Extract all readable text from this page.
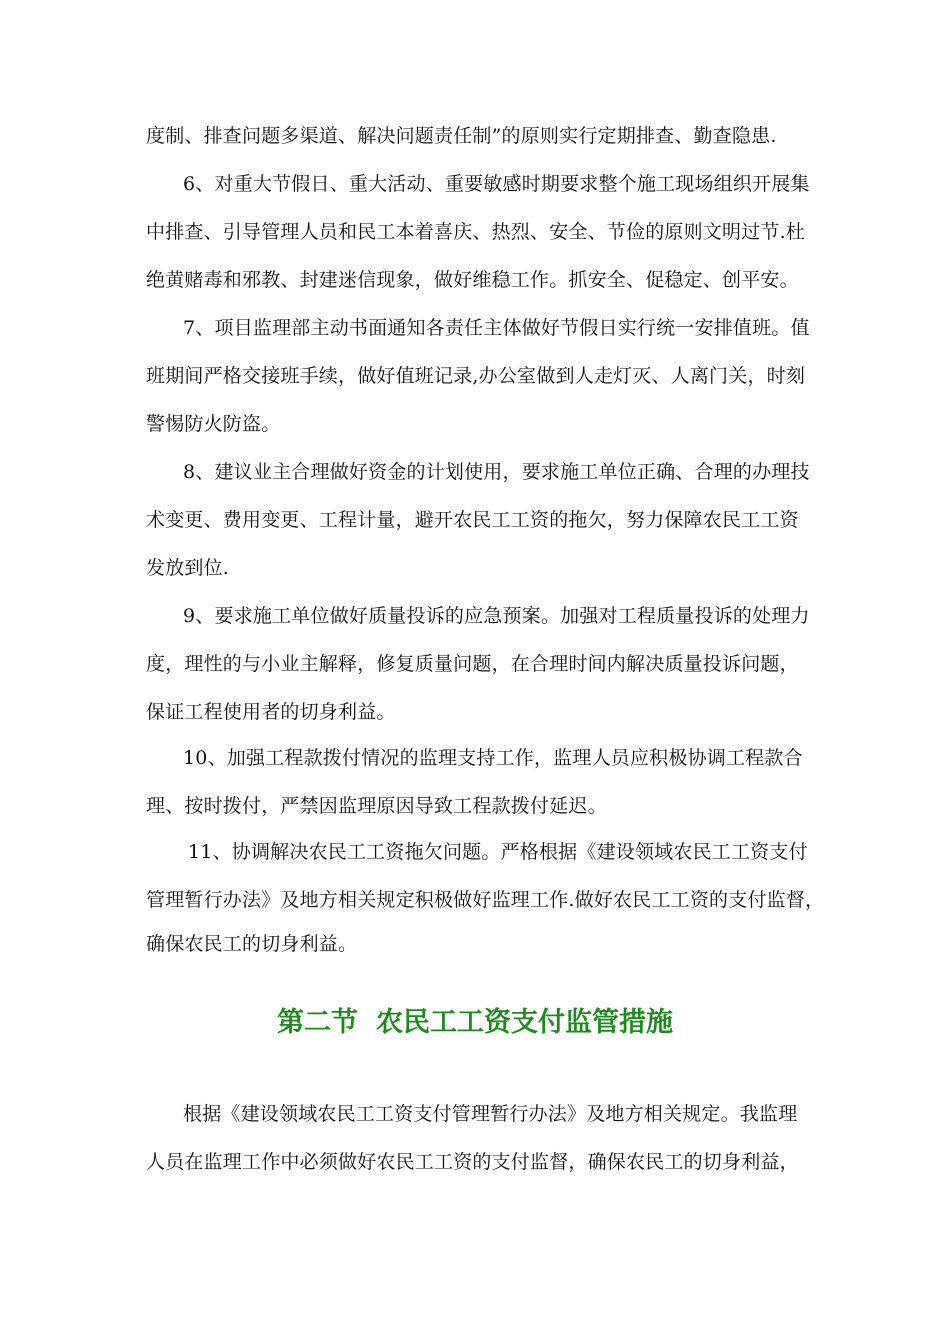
度制、排查问题多渠道、解决问题责任制”的原则实行定期排查、勤查隐患.
6、对重大节假日、重大活动、重要敏感时期要求整个施工现场组织开展集
中排查、引导管理人员和民工本着喜庆、热烈、安全、节俭的原则文明过节.杜
绝黄赌毒和邪教、封建迷信现象，做好维稳工作。抓安全、促稳定、创平安。
7、项目监理部主动书面通知各责任主体做好节假日实行统一安排值班。值
班期间严格交接班手续，做好值班记录,办公室做到人走灯灭、人离门关，时刻
警惕防火防盗。
8、建议业主合理做好资金的计划使用，要求施工单位正确、合理的办理技
术变更、费用变更、工程计量，避开农民工工资的拖欠，努力保障农民工工资
发放到位.
9、要求施工单位做好质量投诉的应急预案。加强对工程质量投诉的处理力
度，理性的与小业主解释，修复质量问题，在合理时间内解决质量投诉问题，
保证工程使用者的切身利益。
10、加强工程款拨付情况的监理支持工作，监理人员应积极协调工程款合
理、按时拨付，严禁因监理原因导致工程款拨付延迟。
11、协调解决农民工工资拖欠问题。严格根据《建设领域农民工工资支付
管理暂行办法》及地方相关规定积极做好监理工作.做好农民工工资的支付监督，
确保农民工的切身利益。
第二节 农民工工资支付监管措施
根据《建设领域农民工工资支付管理暂行办法》及地方相关规定。我监理
人员在监理工作中必须做好农民工工资的支付监督，确保农民工的切身利益，
